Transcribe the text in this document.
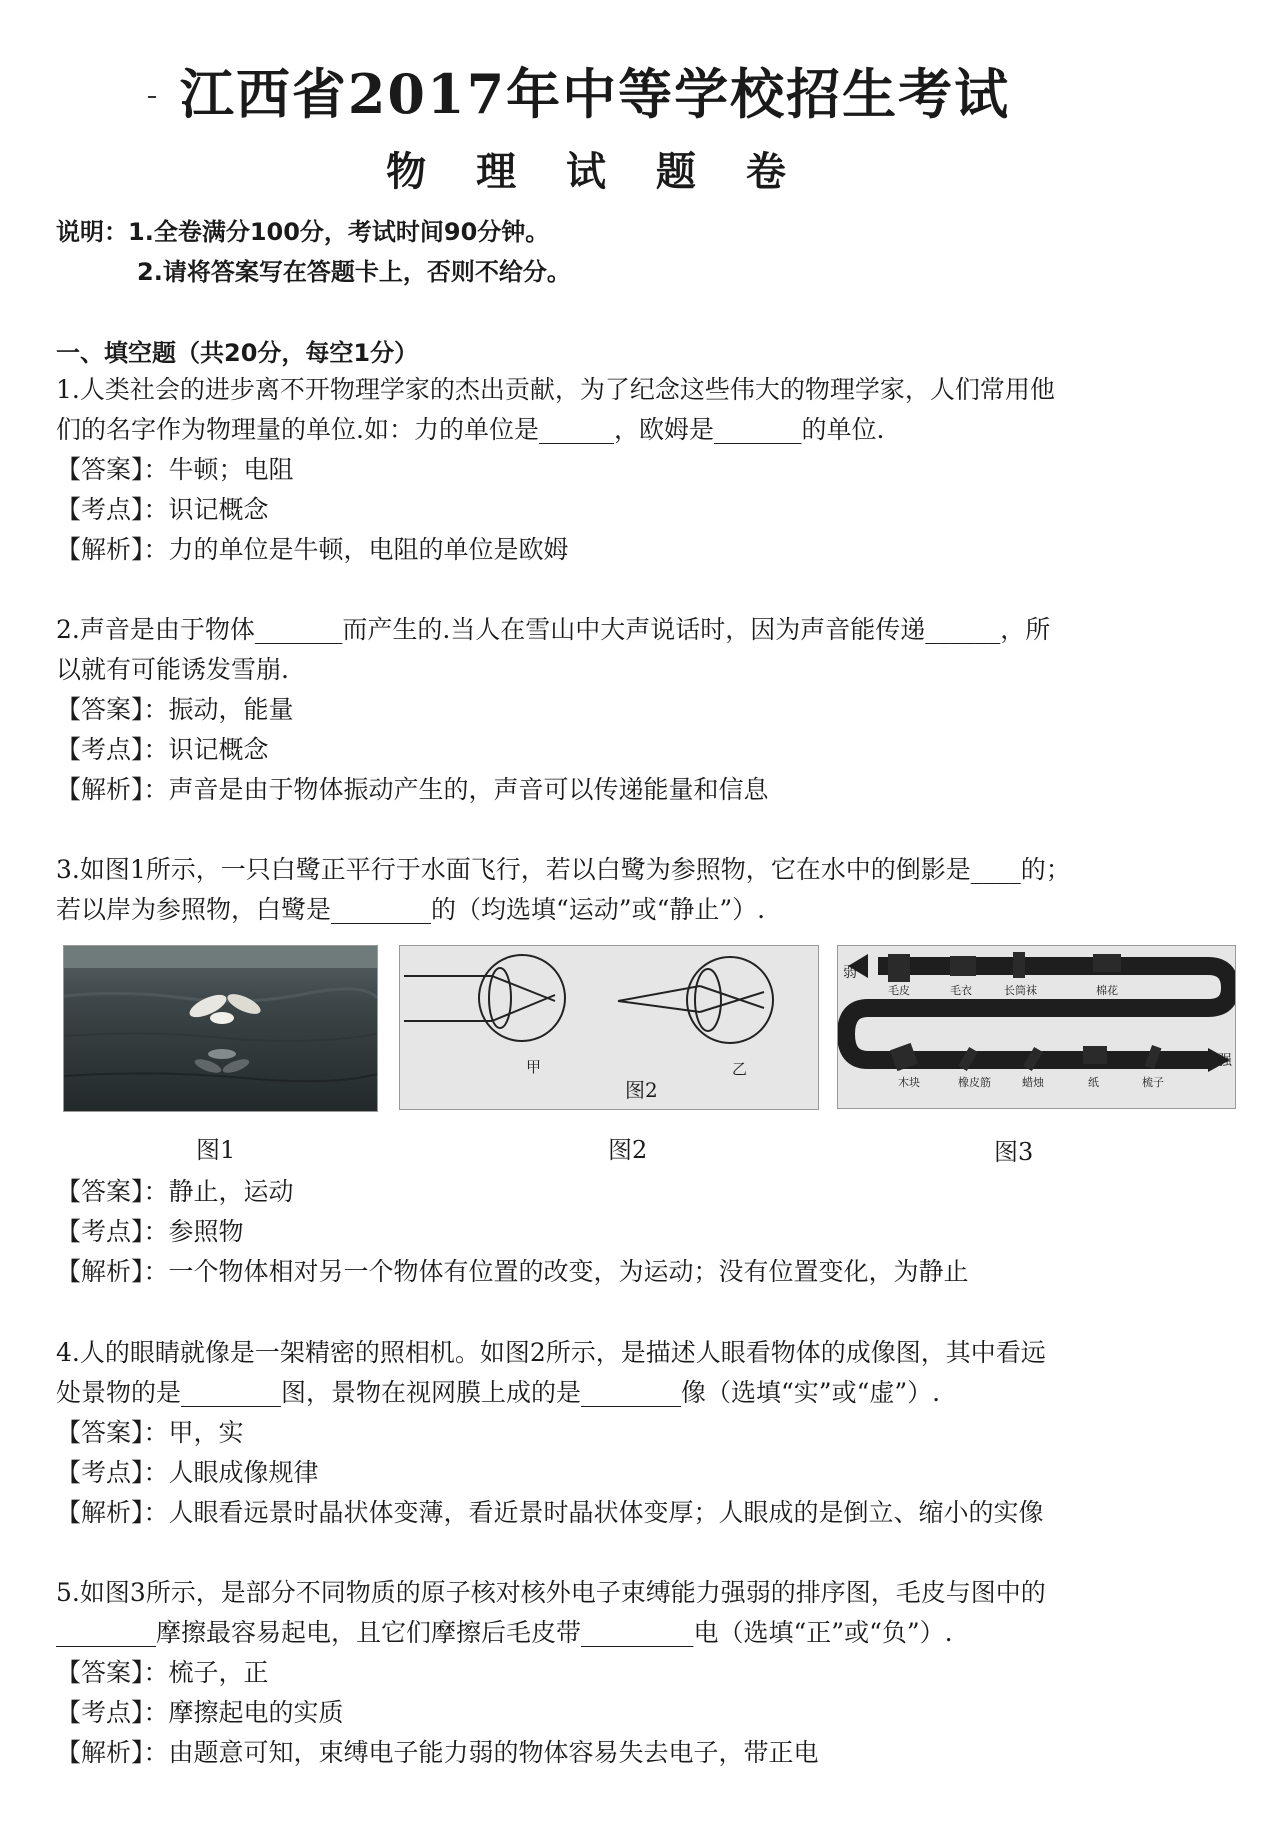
江西省2017年中等学校招生考试
物 理 试 题 卷
说明：1.全卷满分100分，考试时间90分钟。
2.请将答案写在答题卡上，否则不给分。
一、填空题（共20分，每空1分）
1.人类社会的进步离不开物理学家的杰出贡献，为了纪念这些伟大的物理学家，人们常用他
们的名字作为物理量的单位.如：力的单位是______，欧姆是_______的单位.
【答案】：牛顿；电阻
【考点】：识记概念
【解析】：力的单位是牛顿，电阻的单位是欧姆
2.声音是由于物体_______而产生的.当人在雪山中大声说话时，因为声音能传递______，所
以就有可能诱发雪崩.
【答案】：振动，能量
【考点】：识记概念
【解析】：声音是由于物体振动产生的，声音可以传递能量和信息
3.如图1所示，一只白鹭正平行于水面飞行，若以白鹭为参照物，它在水中的倒影是____的；
若以岸为参照物，白鹭是________的（均选填“运动”或“静止”）.
甲	乙
图2
弱
强
毛皮	毛衣	长筒袜	棉花
木块	橡皮筋	蜡烛	纸	梳子
图1	图2	图3
【答案】：静止，运动
【考点】：参照物
【解析】：一个物体相对另一个物体有位置的改变，为运动；没有位置变化，为静止
4.人的眼睛就像是一架精密的照相机。如图2所示，是描述人眼看物体的成像图，其中看远
处景物的是________图，景物在视网膜上成的是________像（选填“实”或“虚”）.
【答案】：甲，实
【考点】：人眼成像规律
【解析】：人眼看远景时晶状体变薄，看近景时晶状体变厚；人眼成的是倒立、缩小的实像
5.如图3所示，是部分不同物质的原子核对核外电子束缚能力强弱的排序图，毛皮与图中的
________摩擦最容易起电，且它们摩擦后毛皮带_________电（选填“正”或“负”）.
【答案】：梳子，正
【考点】：摩擦起电的实质
【解析】：由题意可知，束缚电子能力弱的物体容易失去电子，带正电
